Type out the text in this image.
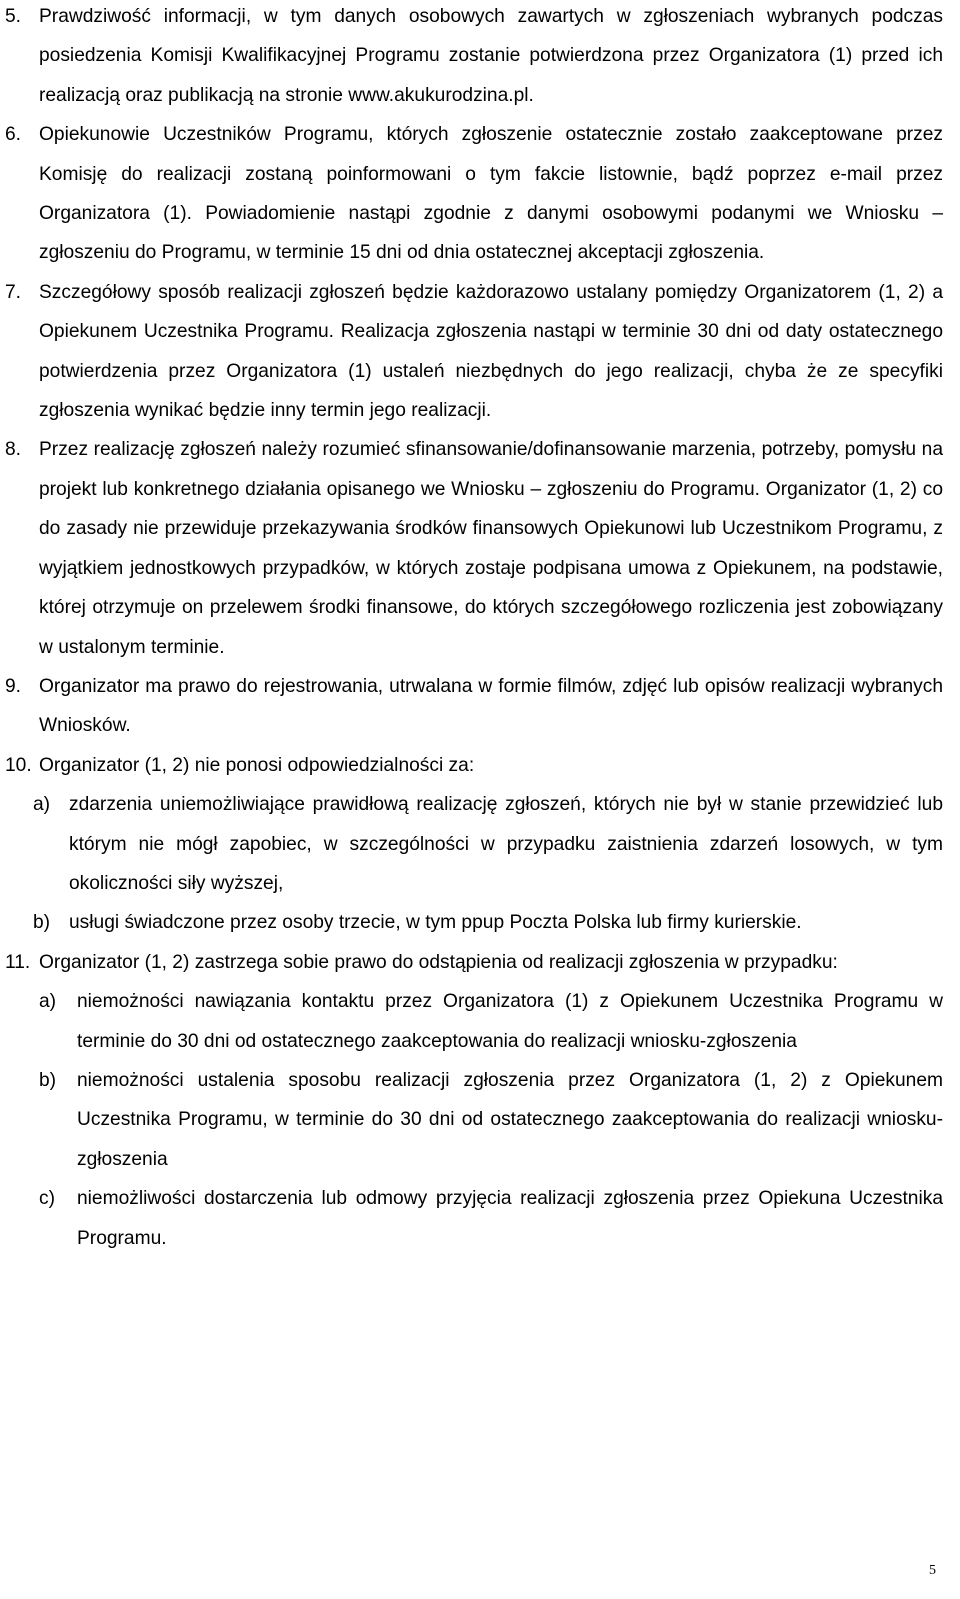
5. Prawdziwość informacji, w tym danych osobowych zawartych w zgłoszeniach wybranych podczas posiedzenia Komisji Kwalifikacyjnej Programu zostanie potwierdzona przez Organizatora (1) przed ich realizacją oraz publikacją na stronie www.akukurodzina.pl.
6. Opiekunowie Uczestników Programu, których zgłoszenie ostatecznie zostało zaakceptowane przez Komisję do realizacji zostaną poinformowani o tym fakcie listownie, bądź poprzez e-mail przez Organizatora (1). Powiadomienie nastąpi zgodnie z danymi osobowymi podanymi we Wniosku – zgłoszeniu do Programu, w terminie 15 dni od dnia ostatecznej akceptacji zgłoszenia.
7. Szczegółowy sposób realizacji zgłoszeń będzie każdorazowo ustalany pomiędzy Organizatorem (1, 2) a Opiekunem Uczestnika Programu. Realizacja zgłoszenia nastąpi w terminie 30 dni od daty ostatecznego potwierdzenia przez Organizatora (1) ustaleń niezbędnych do jego realizacji, chyba że ze specyfiki zgłoszenia wynikać będzie inny termin jego realizacji.
8. Przez realizację zgłoszeń należy rozumieć sfinansowanie/dofinansowanie marzenia, potrzeby, pomysłu na projekt lub konkretnego działania opisanego we Wniosku – zgłoszeniu do Programu. Organizator (1, 2) co do zasady nie przewiduje przekazywania środków finansowych Opiekunowi lub Uczestnikom Programu, z wyjątkiem jednostkowych przypadków, w których zostaje podpisana umowa z Opiekunem, na podstawie, której otrzymuje on przelewem środki finansowe, do których szczegółowego rozliczenia jest zobowiązany w ustalonym terminie.
9. Organizator ma prawo do rejestrowania, utrwalana w formie filmów, zdjęć lub opisów realizacji wybranych Wniosków.
10. Organizator (1, 2) nie ponosi odpowiedzialności za:
a) zdarzenia uniemożliwiające prawidłową realizację zgłoszeń, których nie był w stanie przewidzieć lub którym nie mógł zapobiec, w szczególności w przypadku zaistnienia zdarzeń losowych, w tym okoliczności siły wyższej,
b) usługi świadczone przez osoby trzecie, w tym ppup Poczta Polska lub firmy kurierskie.
11. Organizator (1, 2) zastrzega sobie prawo do odstąpienia od realizacji zgłoszenia w przypadku:
a)	niemożności nawiązania kontaktu przez Organizatora (1) z Opiekunem Uczestnika Programu w terminie do 30 dni od ostatecznego zaakceptowania do realizacji wniosku-zgłoszenia
b)	niemożności ustalenia sposobu realizacji zgłoszenia przez Organizatora (1, 2) z Opiekunem Uczestnika Programu, w terminie do 30 dni od ostatecznego zaakceptowania do realizacji wniosku-zgłoszenia
c)	niemożliwości dostarczenia lub odmowy przyjęcia realizacji zgłoszenia przez Opiekuna Uczestnika Programu.
5
